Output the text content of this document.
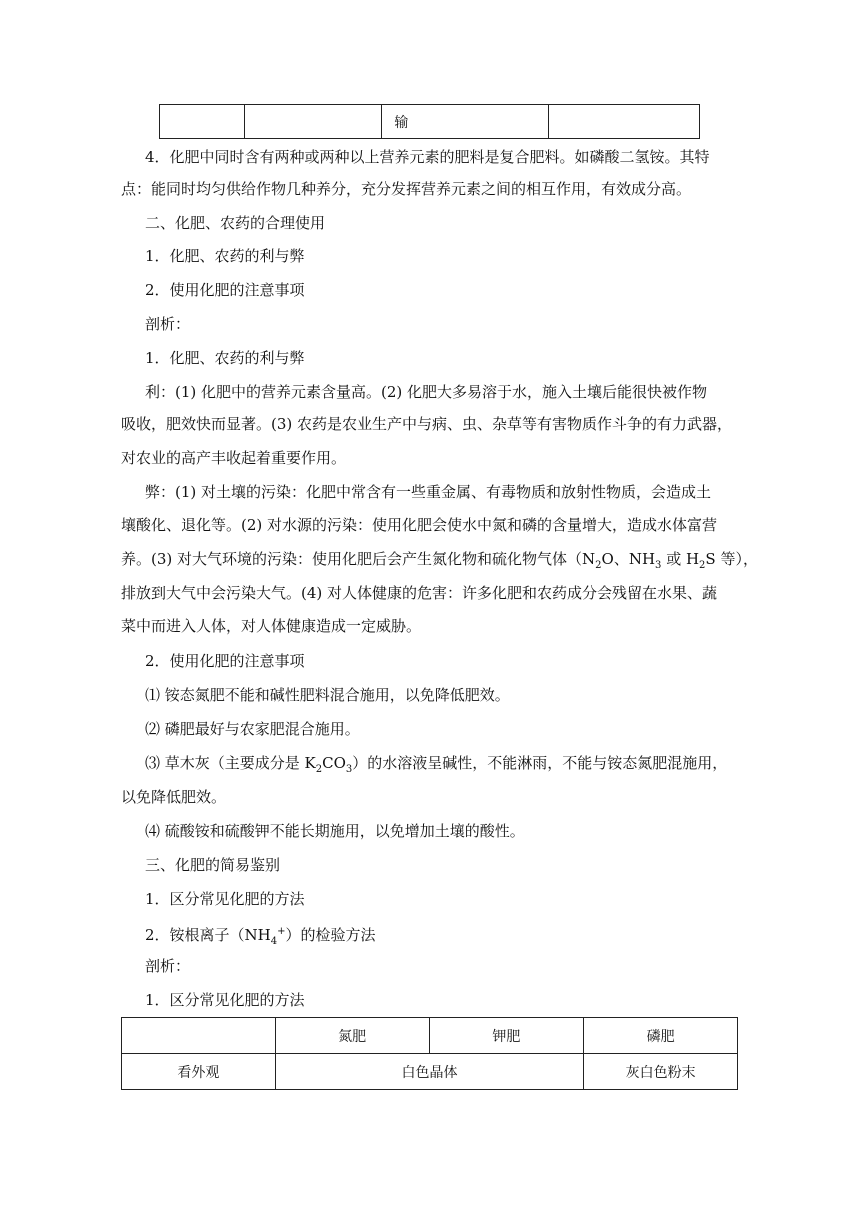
		输	
4．化肥中同时含有两种或两种以上营养元素的肥料是复合肥料。如磷酸二氢铵。其特
点：能同时均匀供给作物几种养分，充分发挥营养元素之间的相互作用，有效成分高。
二、化肥、农药的合理使用
1．化肥、农药的利与弊
2．使用化肥的注意事项
剖析：
1．化肥、农药的利与弊
利：(1) 化肥中的营养元素含量高。(2) 化肥大多易溶于水，施入土壤后能很快被作物
吸收，肥效快而显著。(3) 农药是农业生产中与病、虫、杂草等有害物质作斗争的有力武器，
对农业的高产丰收起着重要作用。
弊：(1) 对土壤的污染：化肥中常含有一些重金属、有毒物质和放射性物质，会造成土
壤酸化、退化等。(2) 对水源的污染：使用化肥会使水中氮和磷的含量增大，造成水体富营
养。(3) 对大气环境的污染：使用化肥后会产生氮化物和硫化物气体（$N_2O$、$NH_3$ 或 $H_2S$ 等），
排放到大气中会污染大气。(4) 对人体健康的危害：许多化肥和农药成分会残留在水果、蔬
菜中而进入人体，对人体健康造成一定威胁。
2．使用化肥的注意事项
⑴ 铵态氮肥不能和碱性肥料混合施用，以免降低肥效。
⑵ 磷肥最好与农家肥混合施用。
⑶ 草木灰（主要成分是 $K_2CO_3$）的水溶液呈碱性，不能淋雨，不能与铵态氮肥混施用，
以免降低肥效。
⑷ 硫酸铵和硫酸钾不能长期施用，以免增加土壤的酸性。
三、化肥的简易鉴别
1．区分常见化肥的方法
2．铵根离子$(NH_4^+)$的检验方法
剖析：
1．区分常见化肥的方法
	氮肥	钾肥	磷肥
看外观	白色晶体		灰白色粉末
